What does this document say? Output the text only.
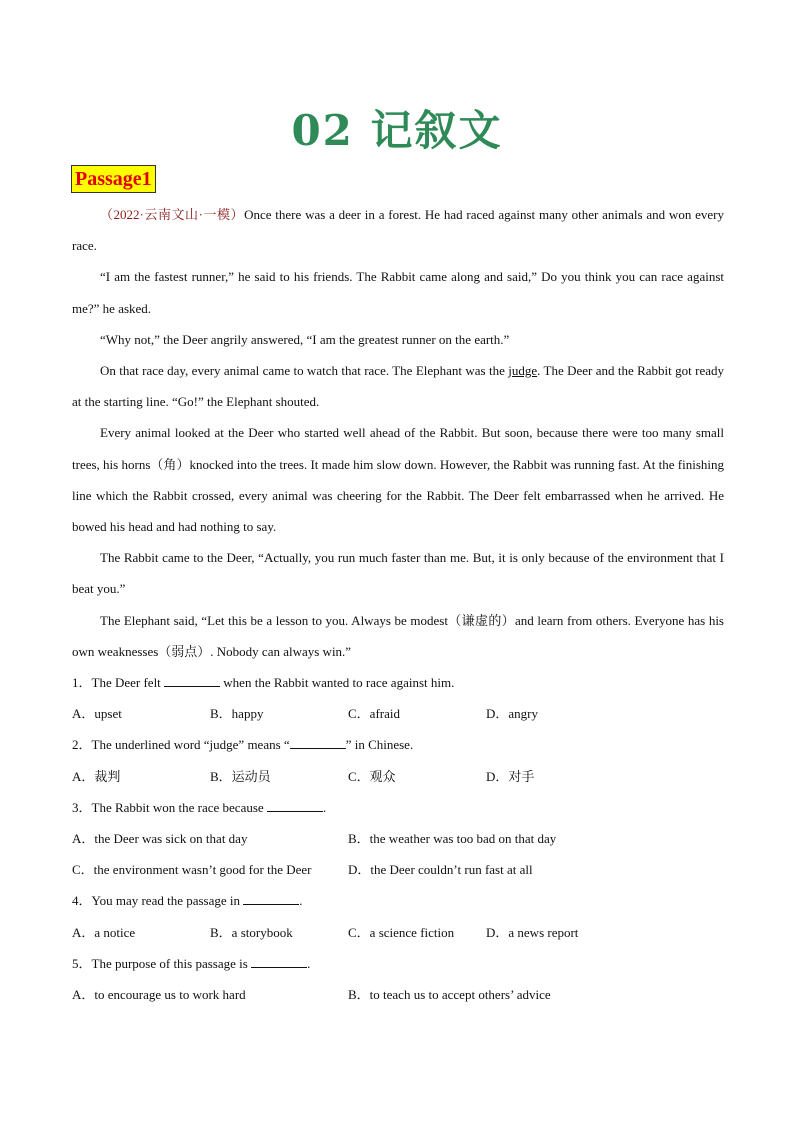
02 记叙文
Passage1

（2022·云南文山·一模）Once there was a deer in a forest. He had raced against many other animals and won every race.

“I am the fastest runner,” he said to his friends. The Rabbit came along and said,” Do you think you can race against me?” he asked.

“Why not,” the Deer angrily answered, “I am the greatest runner on the earth.”

On that race day, every animal came to watch that race. The Elephant was the judge. The Deer and the Rabbit got ready at the starting line. “Go!” the Elephant shouted.

Every animal looked at the Deer who started well ahead of the Rabbit. But soon, because there were too many small trees, his horns（角）knocked into the trees. It made him slow down. However, the Rabbit was running fast. At the finishing line which the Rabbit crossed, every animal was cheering for the Rabbit. The Deer felt embarrassed when he arrived. He bowed his head and had nothing to say.

The Rabbit came to the Deer, “Actually, you run much faster than me. But, it is only because of the environment that I beat you.”

The Elephant said, “Let this be a lesson to you. Always be modest（谦虚的）and learn from others. Everyone has his own weaknesses（弱点）. Nobody can always win.”

1．The Deer felt	when the Rabbit wanted to race against him.

A．upset	B．happy	C．afraid	D．angry

2．The underlined word “judge” means “	” in Chinese.

A．裁判	B．运动员	C．观众	D．对手

3．The Rabbit won the race because	.

A．the Deer was sick on that day	B．the weather was too bad on that day
C．the environment wasn’t good for the Deer	D．the Deer couldn’t run fast at all

4．You may read the passage in	.

A．a notice	B．a storybook	C．a science fiction	D．a news report

5．The purpose of this passage is	.

A．to encourage us to work hard	B．to teach us to accept others’ advice
